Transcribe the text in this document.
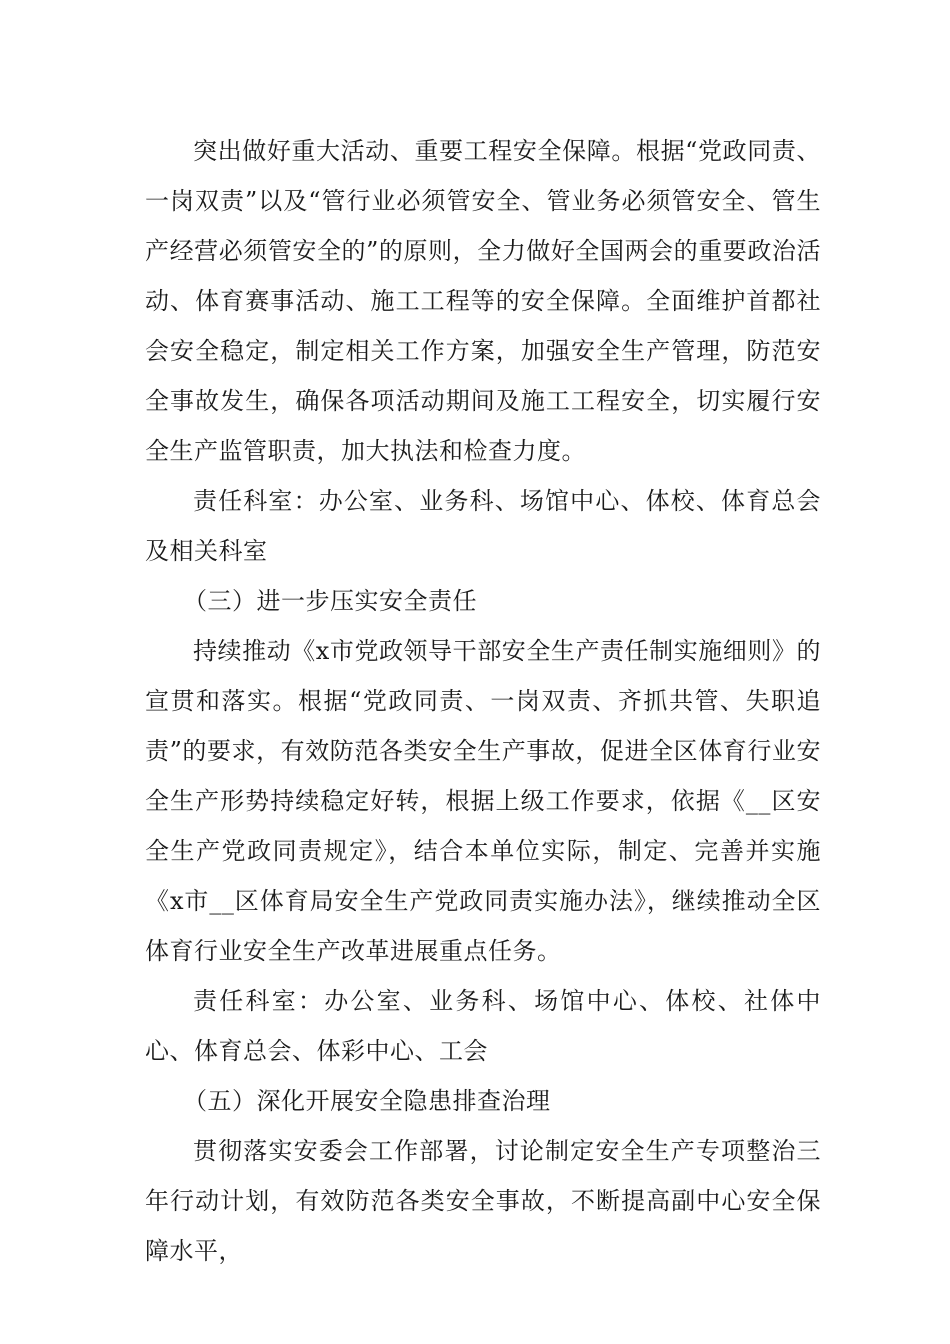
突出做好重大活动、重要工程安全保障。根据“党政同责、一岗双责”以及“管行业必须管安全、管业务必须管安全、管生产经营必须管安全的”的原则，全力做好全国两会的重要政治活动、体育赛事活动、施工工程等的安全保障。全面维护首都社会安全稳定，制定相关工作方案，加强安全生产管理，防范安全事故发生，确保各项活动期间及施工工程安全，切实履行安全生产监管职责，加大执法和检查力度。

责任科室：办公室、业务科、场馆中心、体校、体育总会及相关科室

（三）进一步压实安全责任

持续推动《x市党政领导干部安全生产责任制实施细则》的宣贯和落实。根据“党政同责、一岗双责、齐抓共管、失职追责”的要求，有效防范各类安全生产事故，促进全区体育行业安全生产形势持续稳定好转，根据上级工作要求，依据《__区安全生产党政同责规定》，结合本单位实际，制定、完善并实施《x市__区体育局安全生产党政同责实施办法》，继续推动全区体育行业安全生产改革进展重点任务。

责任科室：办公室、业务科、场馆中心、体校、社体中心、体育总会、体彩中心、工会

（五）深化开展安全隐患排查治理

贯彻落实安委会工作部署，讨论制定安全生产专项整治三年行动计划，有效防范各类安全事故，不断提高副中心安全保障水平，
